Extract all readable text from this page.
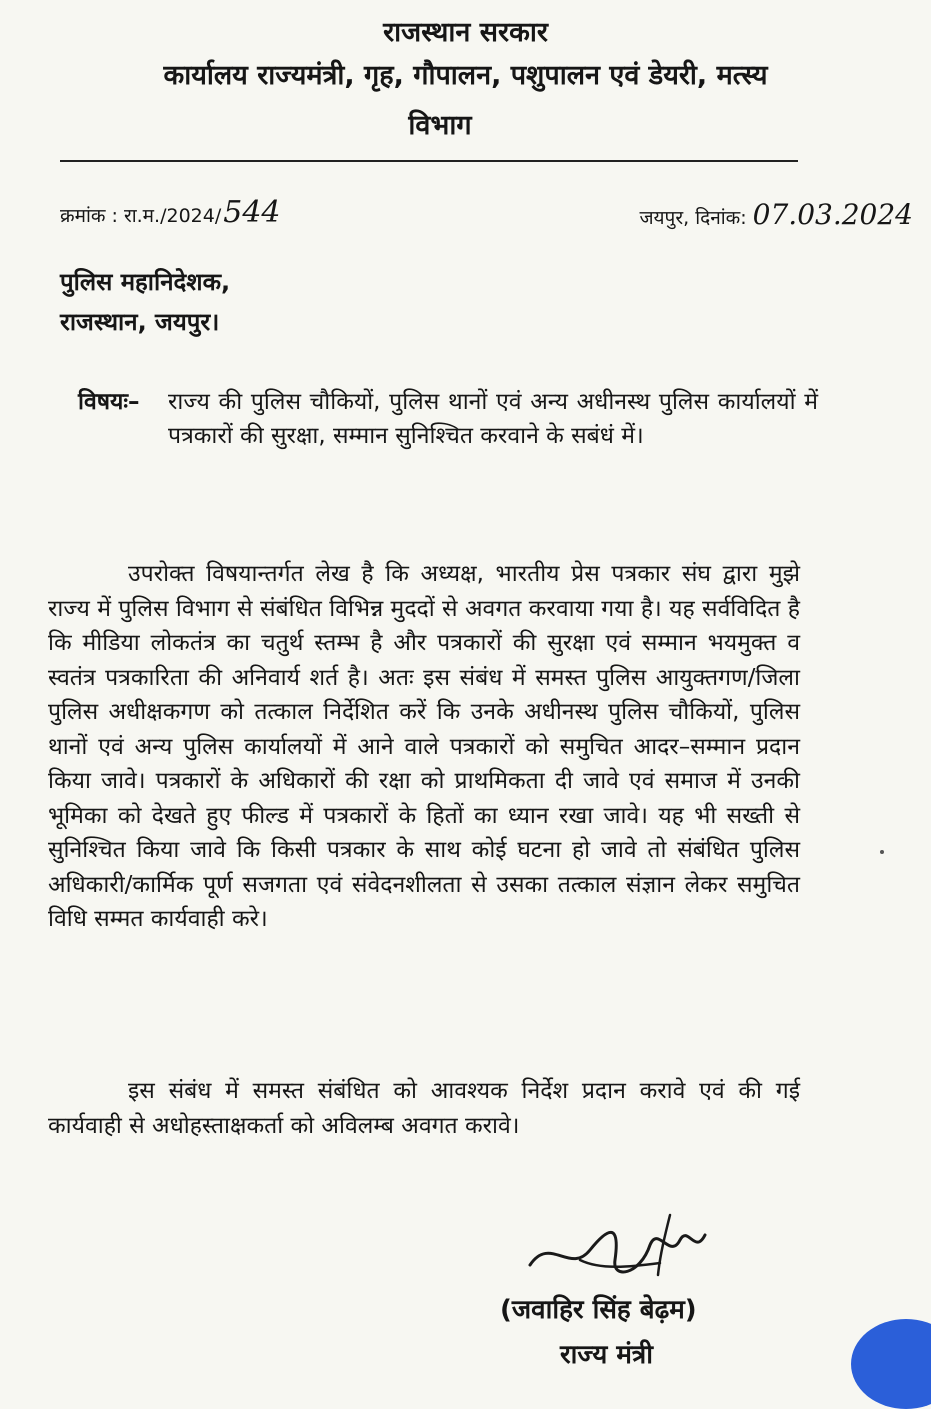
राजस्थान सरकार
कार्यालय राज्यमंत्री, गृह, गौपालन, पशुपालन एवं डेयरी, मत्स्य
विभाग
क्रमांक : रा.म./2024/544	जयपुर, दिनांक: 07.03.2024
पुलिस महानिदेशक,
राजस्थान, जयपुर।
विषयः– राज्य की पुलिस चौकियों, पुलिस थानों एवं अन्य अधीनस्थ पुलिस कार्यालयों में पत्रकारों की सुरक्षा, सम्मान सुनिश्चित करवाने के सबंधं में।
उपरोक्त विषयान्तर्गत लेख है कि अध्यक्ष, भारतीय प्रेस पत्रकार संघ द्वारा मुझे राज्य में पुलिस विभाग से संबंधित विभिन्न मुददों से अवगत करवाया गया है। यह सर्वविदित है कि मीडिया लोकतंत्र का चतुर्थ स्तम्भ है और पत्रकारों की सुरक्षा एवं सम्मान भयमुक्त व स्वतंत्र पत्रकारिता की अनिवार्य शर्त है। अतः इस संबंध में समस्त पुलिस आयुक्तगण/जिला पुलिस अधीक्षकगण को तत्काल निर्देशित करें कि उनके अधीनस्थ पुलिस चौकियों, पुलिस थानों एवं अन्य पुलिस कार्यालयों में आने वाले पत्रकारों को समुचित आदर–सम्मान प्रदान किया जावे। पत्रकारों के अधिकारों की रक्षा को प्राथमिकता दी जावे एवं समाज में उनकी भूमिका को देखते हुए फील्ड में पत्रकारों के हितों का ध्यान रखा जावे। यह भी सख्ती से सुनिश्चित किया जावे कि किसी पत्रकार के साथ कोई घटना हो जावे तो संबंधित पुलिस अधिकारी/कार्मिक पूर्ण सजगता एवं संवेदनशीलता से उसका तत्काल संज्ञान लेकर समुचित विधि सम्मत कार्यवाही करे।
इस संबंध में समस्त संबंधित को आवश्यक निर्देश प्रदान करावे एवं की गई कार्यवाही से अधोहस्ताक्षकर्ता को अविलम्ब अवगत करावे।
(जवाहिर सिंह बेढ़म)
राज्य मंत्री
